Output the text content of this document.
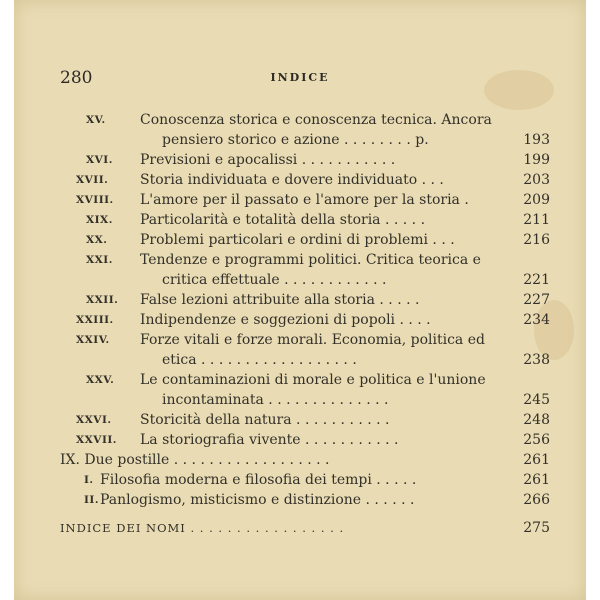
280	INDICE
XV. Conoscenza storica e conoscenza tecnica. Ancora
pensiero storico e azione . . . . . . . . p.	193
XVI. Previsioni e apocalissi . . . . . . . . . . .	199
XVII. Storia individuata e dovere individuato . . .	203
XVIII. L'amore per il passato e l'amore per la storia .	209
XIX. Particolarità e totalità della storia . . . . .	211
XX. Problemi particolari e ordini di problemi . . .	216
XXI. Tendenze e programmi politici. Critica teorica e
critica effettuale . . . . . . . . . . . .	221
XXII. False lezioni attribuite alla storia . . . . .	227
XXIII. Indipendenze e soggezioni di popoli . . . .	234
XXIV. Forze vitali e forze morali. Economia, politica ed
etica . . . . . . . . . . . . . . . . . .	238
XXV. Le contaminazioni di morale e politica e l'unione
incontaminata . . . . . . . . . . . . . .	245
XXVI. Storicità della natura . . . . . . . . . . .	248
XXVII. La storiografia vivente . . . . . . . . . . .	256
IX. Due postille . . . . . . . . . . . . . . . . . .	261
I. Filosofia moderna e filosofia dei tempi . . . . .	261
II. Panlogismo, misticismo e distinzione . . . . . .	266
INDICE DEI NOMI . . . . . . . . . . . . . . . . .	275
